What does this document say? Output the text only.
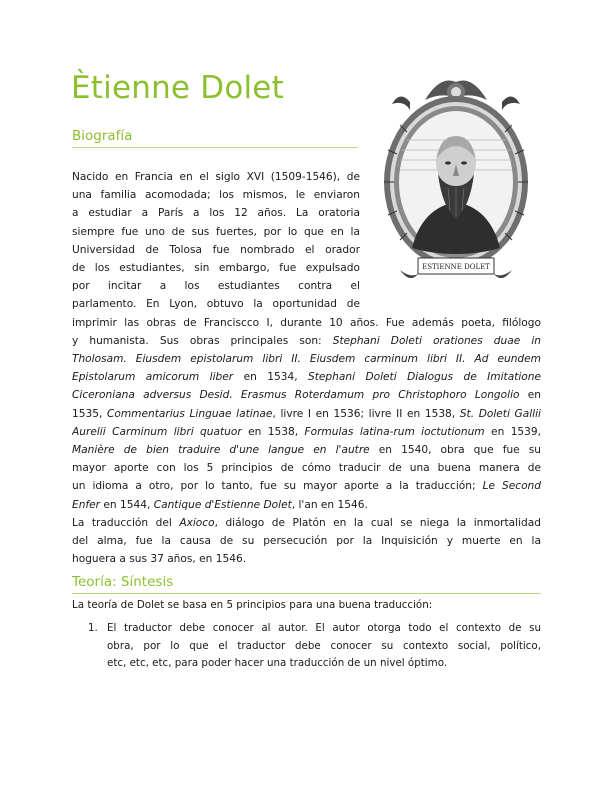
Ètienne Dolet
Biografía
ESTIENNE DOLET
Nacido en Francia en el siglo XVI (1509-1546), de
una familia acomodada; los mismos, le enviaron
a estudiar a París a los 12 años. La oratoria
siempre fue uno de sus fuertes, por lo que en la
Universidad de Tolosa fue nombrado el orador
de los estudiantes, sin embargo, fue expulsado
por incitar a los estudiantes contra el
parlamento. En Lyon, obtuvo la oportunidad de
imprimir las obras de Franciscco I, durante 10 años. Fue además poeta, filólogo
y humanista. Sus obras principales son: Stephani Doleti orationes duae in
Tholosam. Eiusdem epistolarum libri II. Eiusdem carminum libri II. Ad eundem
Epistolarum amicorum liber en 1534, Stephani Doleti Dialogus de Imitatione
Ciceroniana adversus Desid. Erasmus Roterdamum pro Christophoro Longolio en
1535, Commentarius Linguae latinae, livre I en 1536; livre II en 1538, St. Doleti Gallii
Aurelii Carminum libri quatuor en 1538, Formulas latina-rum ioctutionum en 1539,
Manière de bien traduire d'une langue en l'autre en 1540, obra que fue su
mayor aporte con los 5 principios de cómo traducir de una buena manera de
un idioma a otro, por lo tanto, fue su mayor aporte a la traducción; Le Second
Enfer en 1544, Cantique d'Estienne Dolet, l'an en 1546.
La traducción del Axioco, diálogo de Platón en la cual se niega la inmortalidad
del alma, fue la causa de su persecución por la Inquisición y muerte en la
hoguera a sus 37 años, en 1546.
Teoría: Síntesis

La teoría de Dolet se basa en 5 principios para una buena traducción:

1. El traductor debe conocer al autor. El autor otorga todo el contexto de su
obra, por lo que el traductor debe conocer su contexto social, político,
etc, etc, etc, para poder hacer una traducción de un nivel óptimo.
